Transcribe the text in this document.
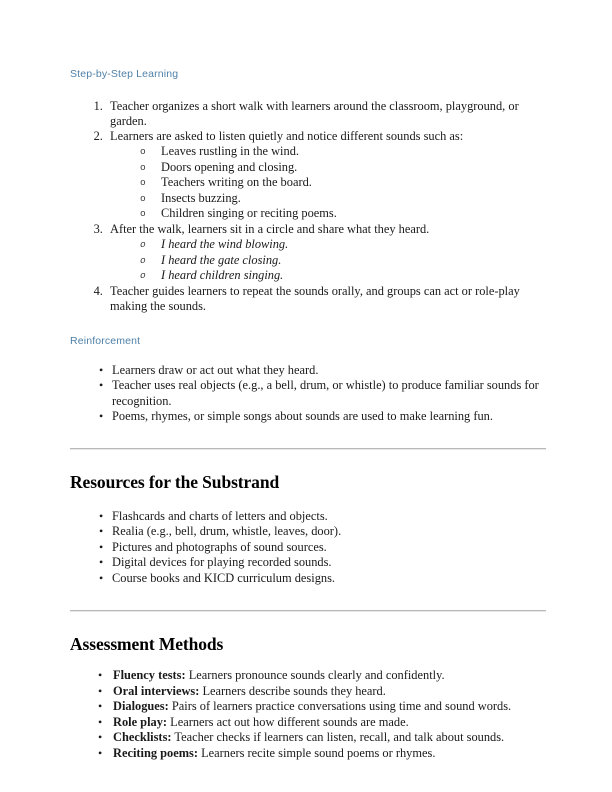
Step-by-Step Learning
1. Teacher organizes a short walk with learners around the classroom, playground, or garden.
2. Learners are asked to listen quietly and notice different sounds such as:
o Leaves rustling in the wind.
o Doors opening and closing.
o Teachers writing on the board.
o Insects buzzing.
o Children singing or reciting poems.
3. After the walk, learners sit in a circle and share what they heard.
o I heard the wind blowing.
o I heard the gate closing.
o I heard children singing.
4. Teacher guides learners to repeat the sounds orally, and groups can act or role-play making the sounds.
Reinforcement
• Learners draw or act out what they heard.
• Teacher uses real objects (e.g., a bell, drum, or whistle) to produce familiar sounds for recognition.
• Poems, rhymes, or simple songs about sounds are used to make learning fun.
Resources for the Substrand
• Flashcards and charts of letters and objects.
• Realia (e.g., bell, drum, whistle, leaves, door).
• Pictures and photographs of sound sources.
• Digital devices for playing recorded sounds.
• Course books and KICD curriculum designs.
Assessment Methods
• Fluency tests: Learners pronounce sounds clearly and confidently.
• Oral interviews: Learners describe sounds they heard.
• Dialogues: Pairs of learners practice conversations using time and sound words.
• Role play: Learners act out how different sounds are made.
• Checklists: Teacher checks if learners can listen, recall, and talk about sounds.
• Reciting poems: Learners recite simple sound poems or rhymes.
